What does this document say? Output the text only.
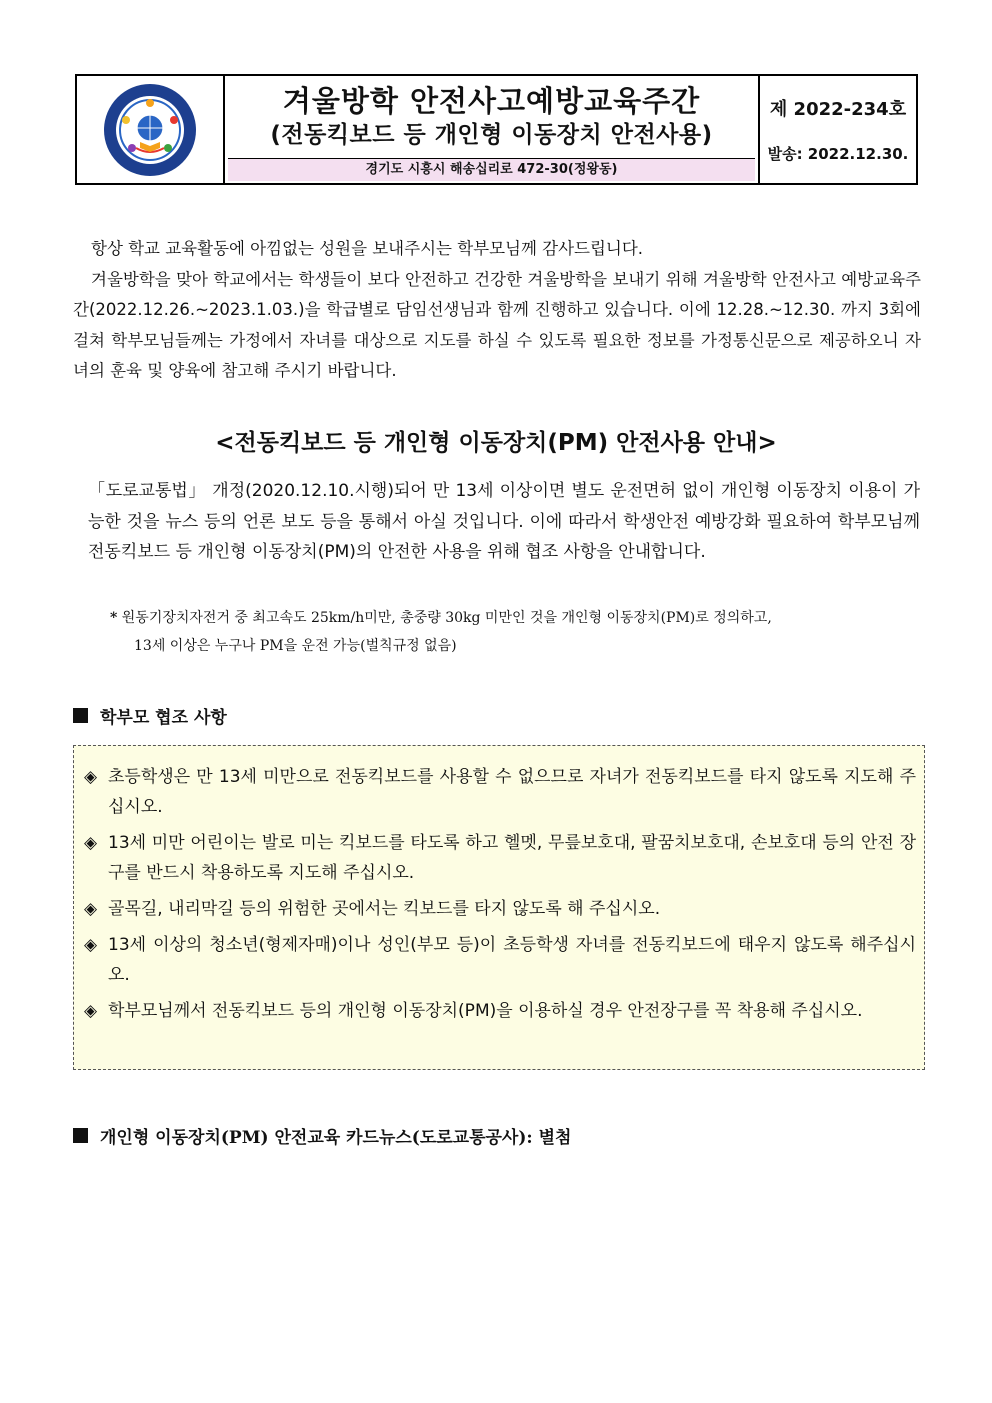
겨울방학 안전사고예방교육주간
(전동킥보드 등 개인형 이동장치 안전사용)
경기도 시흥시 해송십리로 472-30(정왕동)
제 2022-234호
발송: 2022.12.30.

항상 학교 교육활동에 아낌없는 성원을 보내주시는 학부모님께 감사드립니다.

겨울방학을 맞아 학교에서는 학생들이 보다 안전하고 건강한 겨울방학을 보내기 위해 겨울방학 안전사고 예방교육주간(2022.12.26.~2023.1.03.)을 학급별로 담임선생님과 함께 진행하고 있습니다. 이에 12.28.~12.30. 까지 3회에 걸쳐 학부모님들께는 가정에서 자녀를 대상으로 지도를 하실 수 있도록 필요한 정보를 가정통신문으로 제공하오니 자녀의 훈육 및 양육에 참고해 주시기 바랍니다.

<전동킥보드 등 개인형 이동장치(PM) 안전사용 안내>

「도로교통법」 개정(2020.12.10.시행)되어 만 13세 이상이면 별도 운전면허 없이 개인형 이동장치 이용이 가능한 것을 뉴스 등의 언론 보도 등을 통해서 아실 것입니다. 이에 따라서 학생안전 예방강화 필요하여 학부모님께 전동킥보드 등 개인형 이동장치(PM)의 안전한 사용을 위해 협조 사항을 안내합니다.

* 원동기장치자전거 중 최고속도 25km/h미만, 총중량 30kg 미만인 것을 개인형 이동장치(PM)로 정의하고,
13세 이상은 누구나 PM을 운전 가능(벌칙규정 없음)
학부모 협조 사항
◈ 초등학생은 만 13세 미만으로 전동킥보드를 사용할 수 없으므로 자녀가 전동킥보드를 타지 않도록 지도해 주십시오.
◈ 13세 미만 어린이는 발로 미는 킥보드를 타도록 하고 헬멧, 무릎보호대, 팔꿈치보호대, 손보호대 등의 안전 장구를 반드시 착용하도록 지도해 주십시오.
◈ 골목길, 내리막길 등의 위험한 곳에서는 킥보드를 타지 않도록 해 주십시오.
◈ 13세 이상의 청소년(형제자매)이나 성인(부모 등)이 초등학생 자녀를 전동킥보드에 태우지 않도록 해주십시오.
◈ 학부모님께서 전동킥보드 등의 개인형 이동장치(PM)을 이용하실 경우 안전장구를 꼭 착용해 주십시오.
개인형 이동장치(PM) 안전교육 카드뉴스(도로교통공사): 별첨
